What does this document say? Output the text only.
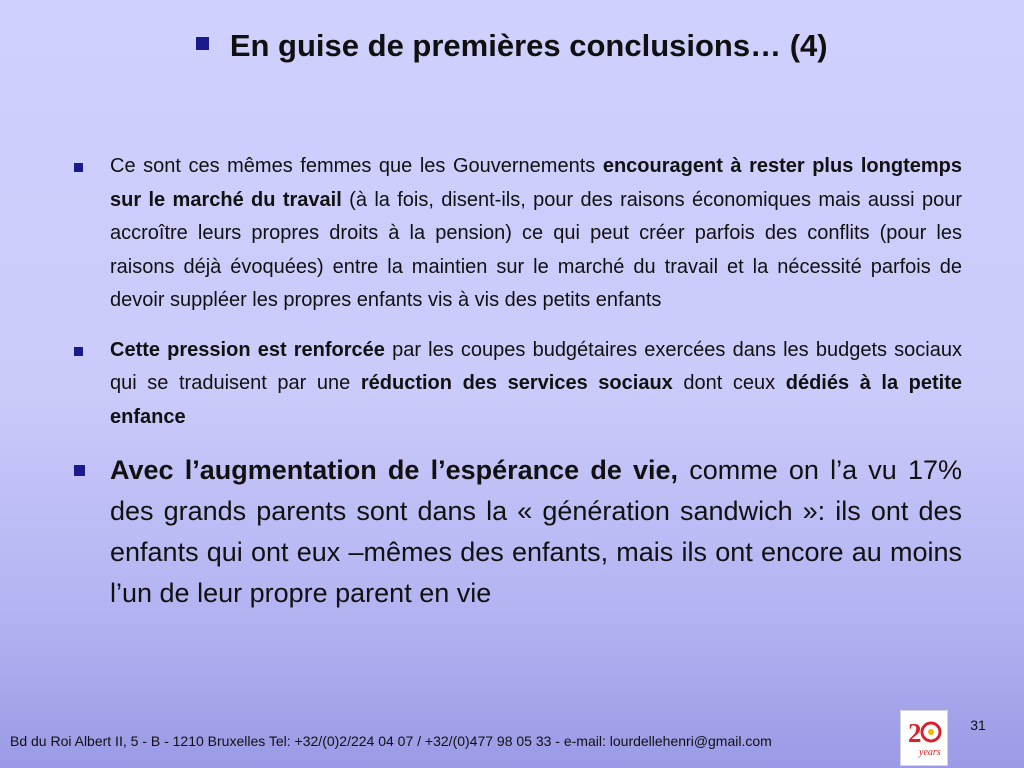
En guise de premières conclusions… (4)
Ce sont ces mêmes femmes que les Gouvernements encouragent à rester plus longtemps sur le marché du travail (à la fois, disent-ils, pour des raisons économiques mais aussi pour accroître leurs propres droits à la pension) ce qui peut créer parfois des conflits (pour les raisons déjà évoquées) entre la maintien sur le marché du travail et la nécessité parfois de devoir suppléer les propres enfants vis à vis des petits enfants
Cette pression est renforcée par les coupes budgétaires exercées dans les budgets sociaux qui se traduisent par une réduction des services sociaux dont ceux dédiés à la petite enfance
Avec l’augmentation de l’espérance de vie, comme on l’a vu 17% des grands parents sont dans la « génération sandwich »: ils ont des enfants qui ont eux –mêmes des enfants, mais ils ont encore au moins l’un de leur propre parent en vie
Bd du Roi Albert II, 5 - B - 1210 Bruxelles Tel: +32/(0)2/224 04 07 / +32/(0)477 98 05 33 - e-mail: lourdellehenri@gmail.com	2
years
31
